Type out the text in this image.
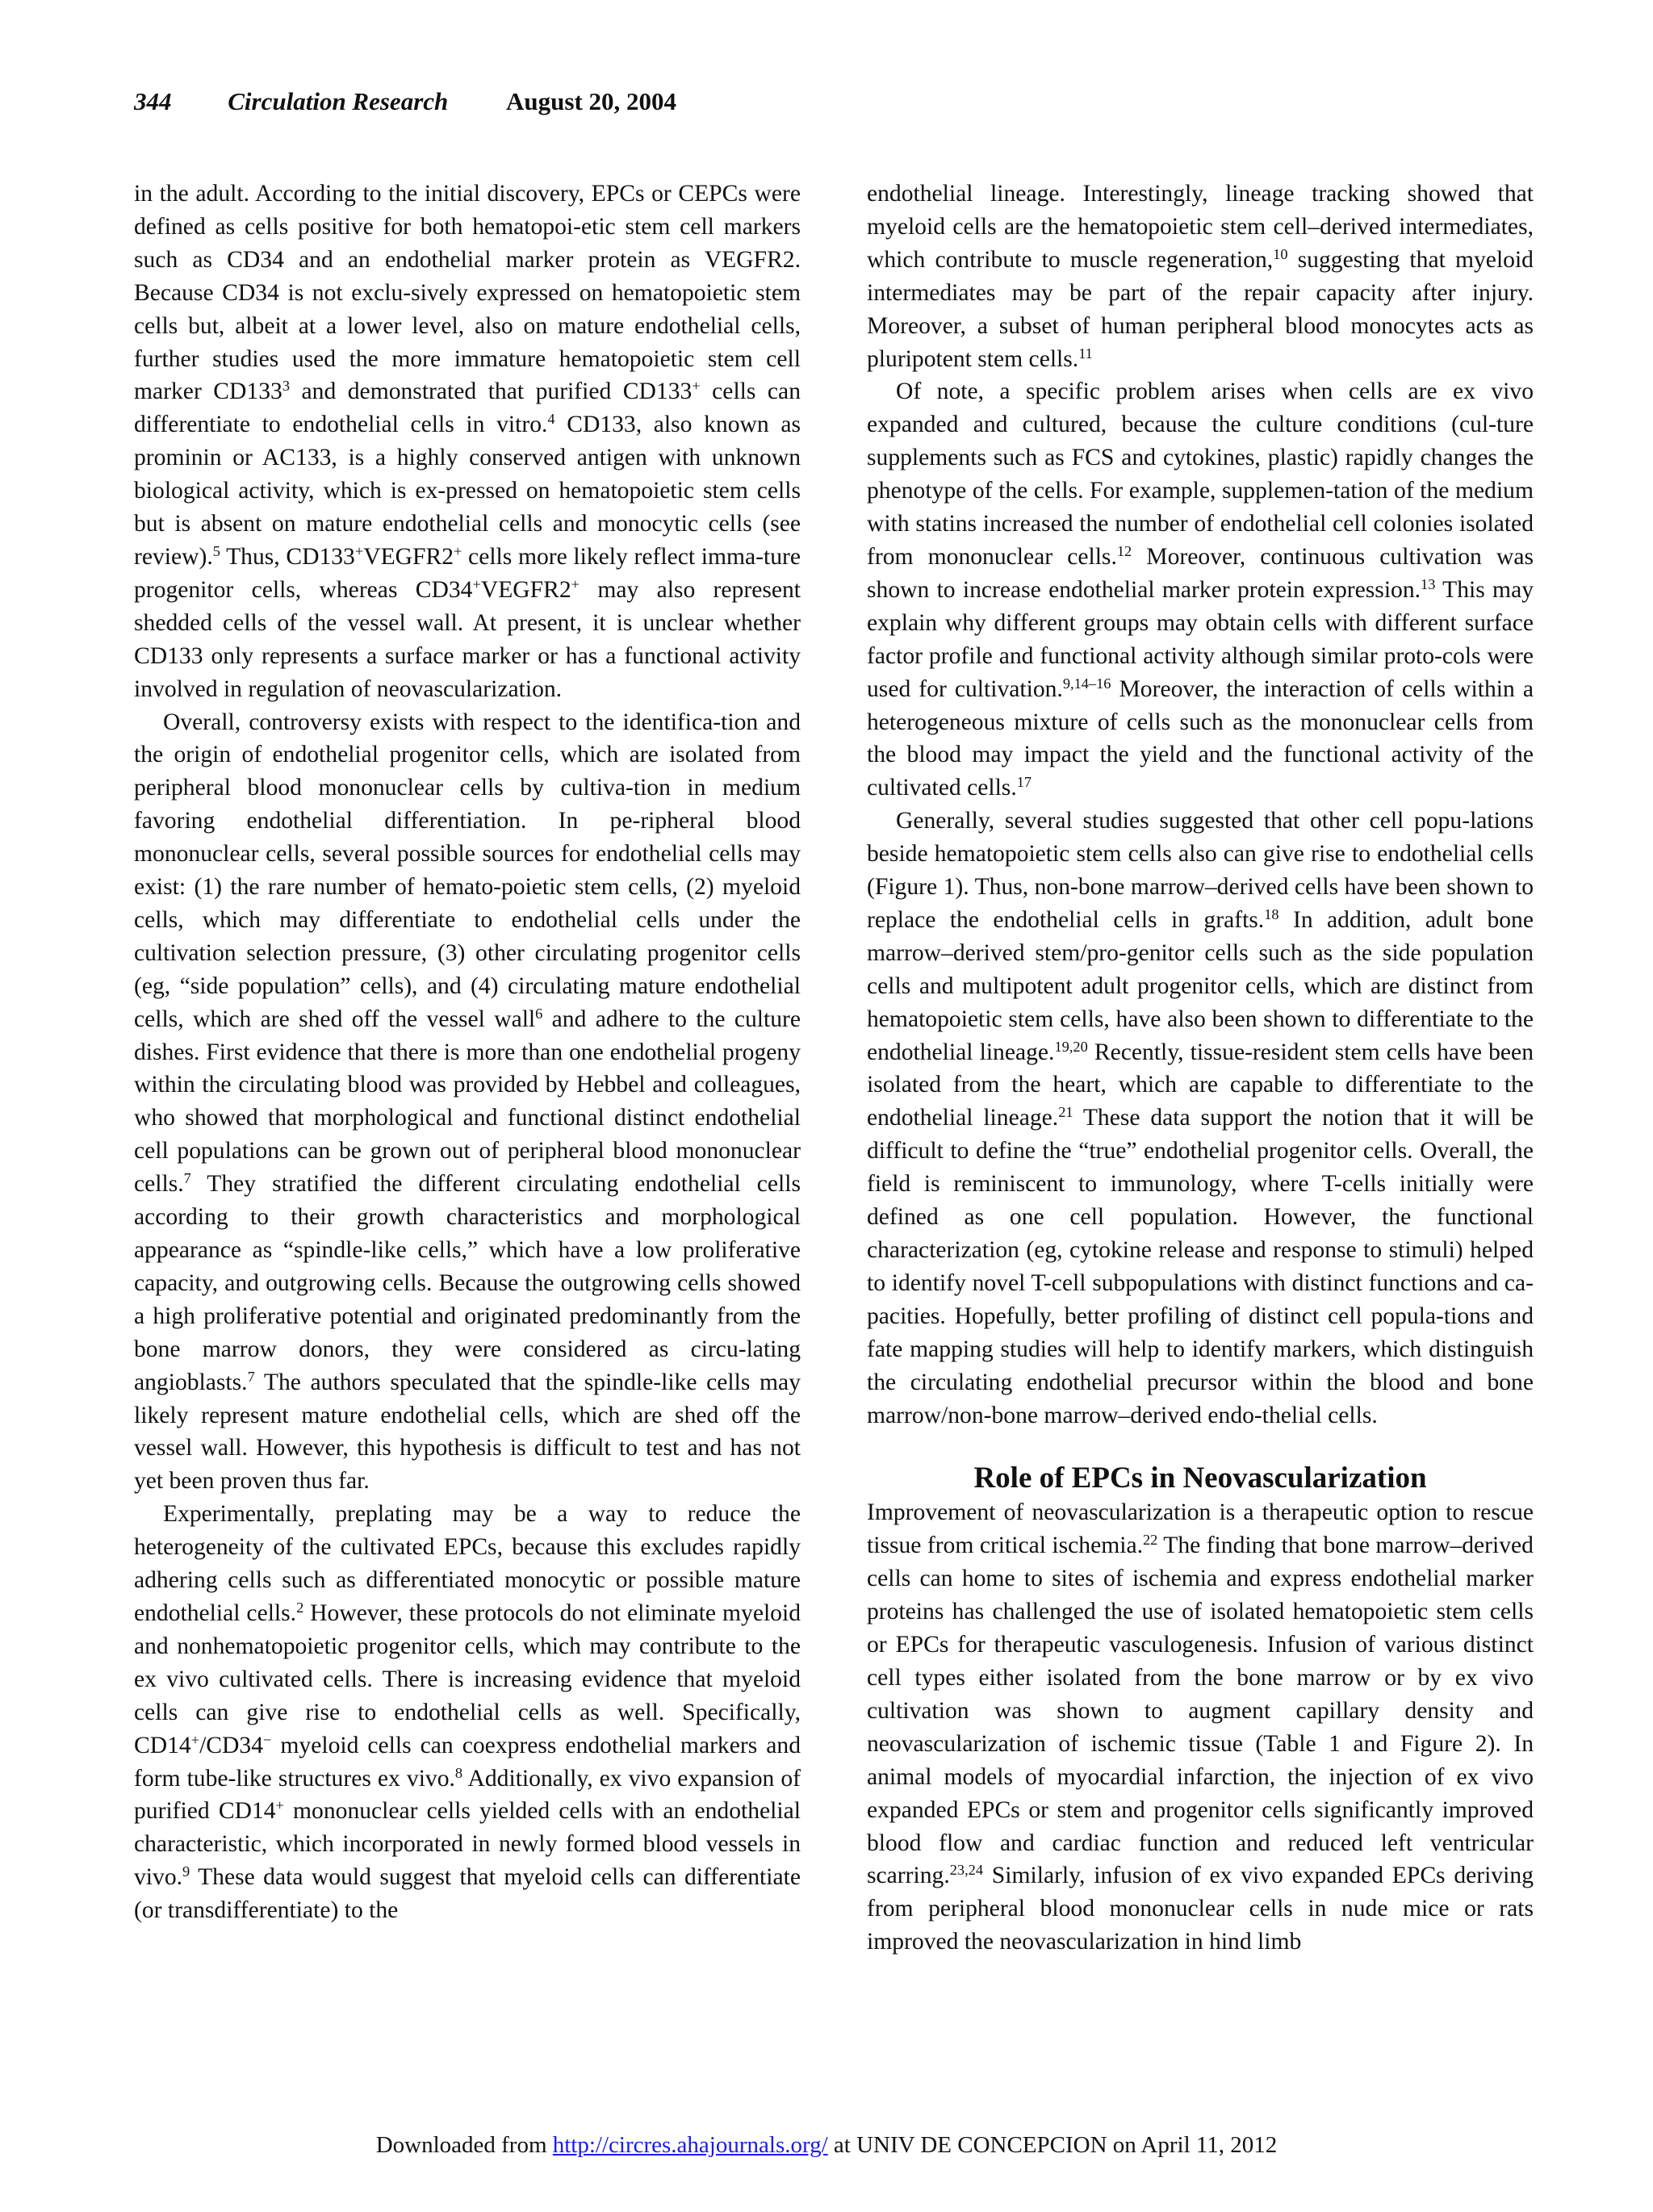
344 Circulation Research August 20, 2004

in the adult. According to the initial discovery, EPCs or CEPCs were defined as cells positive for both hematopoi-etic stem cell markers such as CD34 and an endothelial marker protein as VEGFR2. Because CD34 is not exclu-sively expressed on hematopoietic stem cells but, albeit at a lower level, also on mature endothelial cells, further studies used the more immature hematopoietic stem cell marker $CD133^3$ and demonstrated that purified CD133+ cells can differentiate to endothelial cells in vitro.$^4$ CD133, also known as prominin or AC133, is a highly conserved antigen with unknown biological activity, which is ex-pressed on hematopoietic stem cells but is absent on mature endothelial cells and monocytic cells (see review).$^5$ Thus, CD133+VEGFR2+ cells more likely reflect imma-ture progenitor cells, whereas CD34+VEGFR2+ may also represent shedded cells of the vessel wall. At present, it is unclear whether CD133 only represents a surface marker or has a functional activity involved in regulation of neovascularization.

Overall, controversy exists with respect to the identifica-tion and the origin of endothelial progenitor cells, which are isolated from peripheral blood mononuclear cells by cultiva-tion in medium favoring endothelial differentiation. In pe-ripheral blood mononuclear cells, several possible sources for endothelial cells may exist: (1) the rare number of hemato-poietic stem cells, (2) myeloid cells, which may differentiate to endothelial cells under the cultivation selection pressure, (3) other circulating progenitor cells (eg, “side population” cells), and (4) circulating mature endothelial cells, which are shed off the vessel wall$^6$ and adhere to the culture dishes. First evidence that there is more than one endothelial progeny within the circulating blood was provided by Hebbel and colleagues, who showed that morphological and functional distinct endothelial cell populations can be grown out of peripheral blood mononuclear cells.$^7$ They stratified the different circulating endothelial cells according to their growth characteristics and morphological appearance as “spindle-like cells,” which have a low proliferative capacity, and outgrowing cells. Because the outgrowing cells showed a high proliferative potential and originated predominantly from the bone marrow donors, they were considered as circu-lating angioblasts.$^7$ The authors speculated that the spindle-like cells may likely represent mature endothelial cells, which are shed off the vessel wall. However, this hypothesis is difficult to test and has not yet been proven thus far.

Experimentally, preplating may be a way to reduce the heterogeneity of the cultivated EPCs, because this excludes rapidly adhering cells such as differentiated monocytic or possible mature endothelial cells.$^2$ However, these protocols do not eliminate myeloid and nonhematopoietic progenitor cells, which may contribute to the ex vivo cultivated cells. There is increasing evidence that myeloid cells can give rise to endothelial cells as well. Specifically, CD14+/CD34− myeloid cells can coexpress endothelial markers and form tube-like structures ex vivo.$^8$ Additionally, ex vivo expansion of purified CD14+ mononuclear cells yielded cells with an endothelial characteristic, which incorporated in newly formed blood vessels in vivo.$^9$ These data would suggest that myeloid cells can differentiate (or transdifferentiate) to the

endothelial lineage. Interestingly, lineage tracking showed that myeloid cells are the hematopoietic stem cell–derived intermediates, which contribute to muscle regeneration,$^{10}$ suggesting that myeloid intermediates may be part of the repair capacity after injury. Moreover, a subset of human peripheral blood monocytes acts as pluripotent stem cells.$^{11}$

Of note, a specific problem arises when cells are ex vivo expanded and cultured, because the culture conditions (cul-ture supplements such as FCS and cytokines, plastic) rapidly changes the phenotype of the cells. For example, supplemen-tation of the medium with statins increased the number of endothelial cell colonies isolated from mononuclear cells.$^{12}$ Moreover, continuous cultivation was shown to increase endothelial marker protein expression.$^{13}$ This may explain why different groups may obtain cells with different surface factor profile and functional activity although similar proto-cols were used for cultivation.$^{9,14-16}$ Moreover, the interaction of cells within a heterogeneous mixture of cells such as the mononuclear cells from the blood may impact the yield and the functional activity of the cultivated cells.$^{17}$

Generally, several studies suggested that other cell popu-lations beside hematopoietic stem cells also can give rise to endothelial cells (Figure 1). Thus, non-bone marrow–derived cells have been shown to replace the endothelial cells in grafts.$^{18}$ In addition, adult bone marrow–derived stem/pro-genitor cells such as the side population cells and multipotent adult progenitor cells, which are distinct from hematopoietic stem cells, have also been shown to differentiate to the endothelial lineage.$^{19,20}$ Recently, tissue-resident stem cells have been isolated from the heart, which are capable to differentiate to the endothelial lineage.$^{21}$ These data support the notion that it will be difficult to define the “true” endothelial progenitor cells. Overall, the field is reminiscent to immunology, where T-cells initially were defined as one cell population. However, the functional characterization (eg, cytokine release and response to stimuli) helped to identify novel T-cell subpopulations with distinct functions and ca-pacities. Hopefully, better profiling of distinct cell popula-tions and fate mapping studies will help to identify markers, which distinguish the circulating endothelial precursor within the blood and bone marrow/non-bone marrow–derived endo-thelial cells.

Role of EPCs in Neovascularization

Improvement of neovascularization is a therapeutic option to rescue tissue from critical ischemia.$^{22}$ The finding that bone marrow–derived cells can home to sites of ischemia and express endothelial marker proteins has challenged the use of isolated hematopoietic stem cells or EPCs for therapeutic vasculogenesis. Infusion of various distinct cell types either isolated from the bone marrow or by ex vivo cultivation was shown to augment capillary density and neovascularization of ischemic tissue (Table 1 and Figure 2). In animal models of myocardial infarction, the injection of ex vivo expanded EPCs or stem and progenitor cells significantly improved blood flow and cardiac function and reduced left ventricular scarring.$^{23,24}$ Similarly, infusion of ex vivo expanded EPCs deriving from peripheral blood mononuclear cells in nude mice or rats improved the neovascularization in hind limb

Downloaded from http://circres.ahajournals.org/ at UNIV DE CONCEPCION on April 11, 2012
